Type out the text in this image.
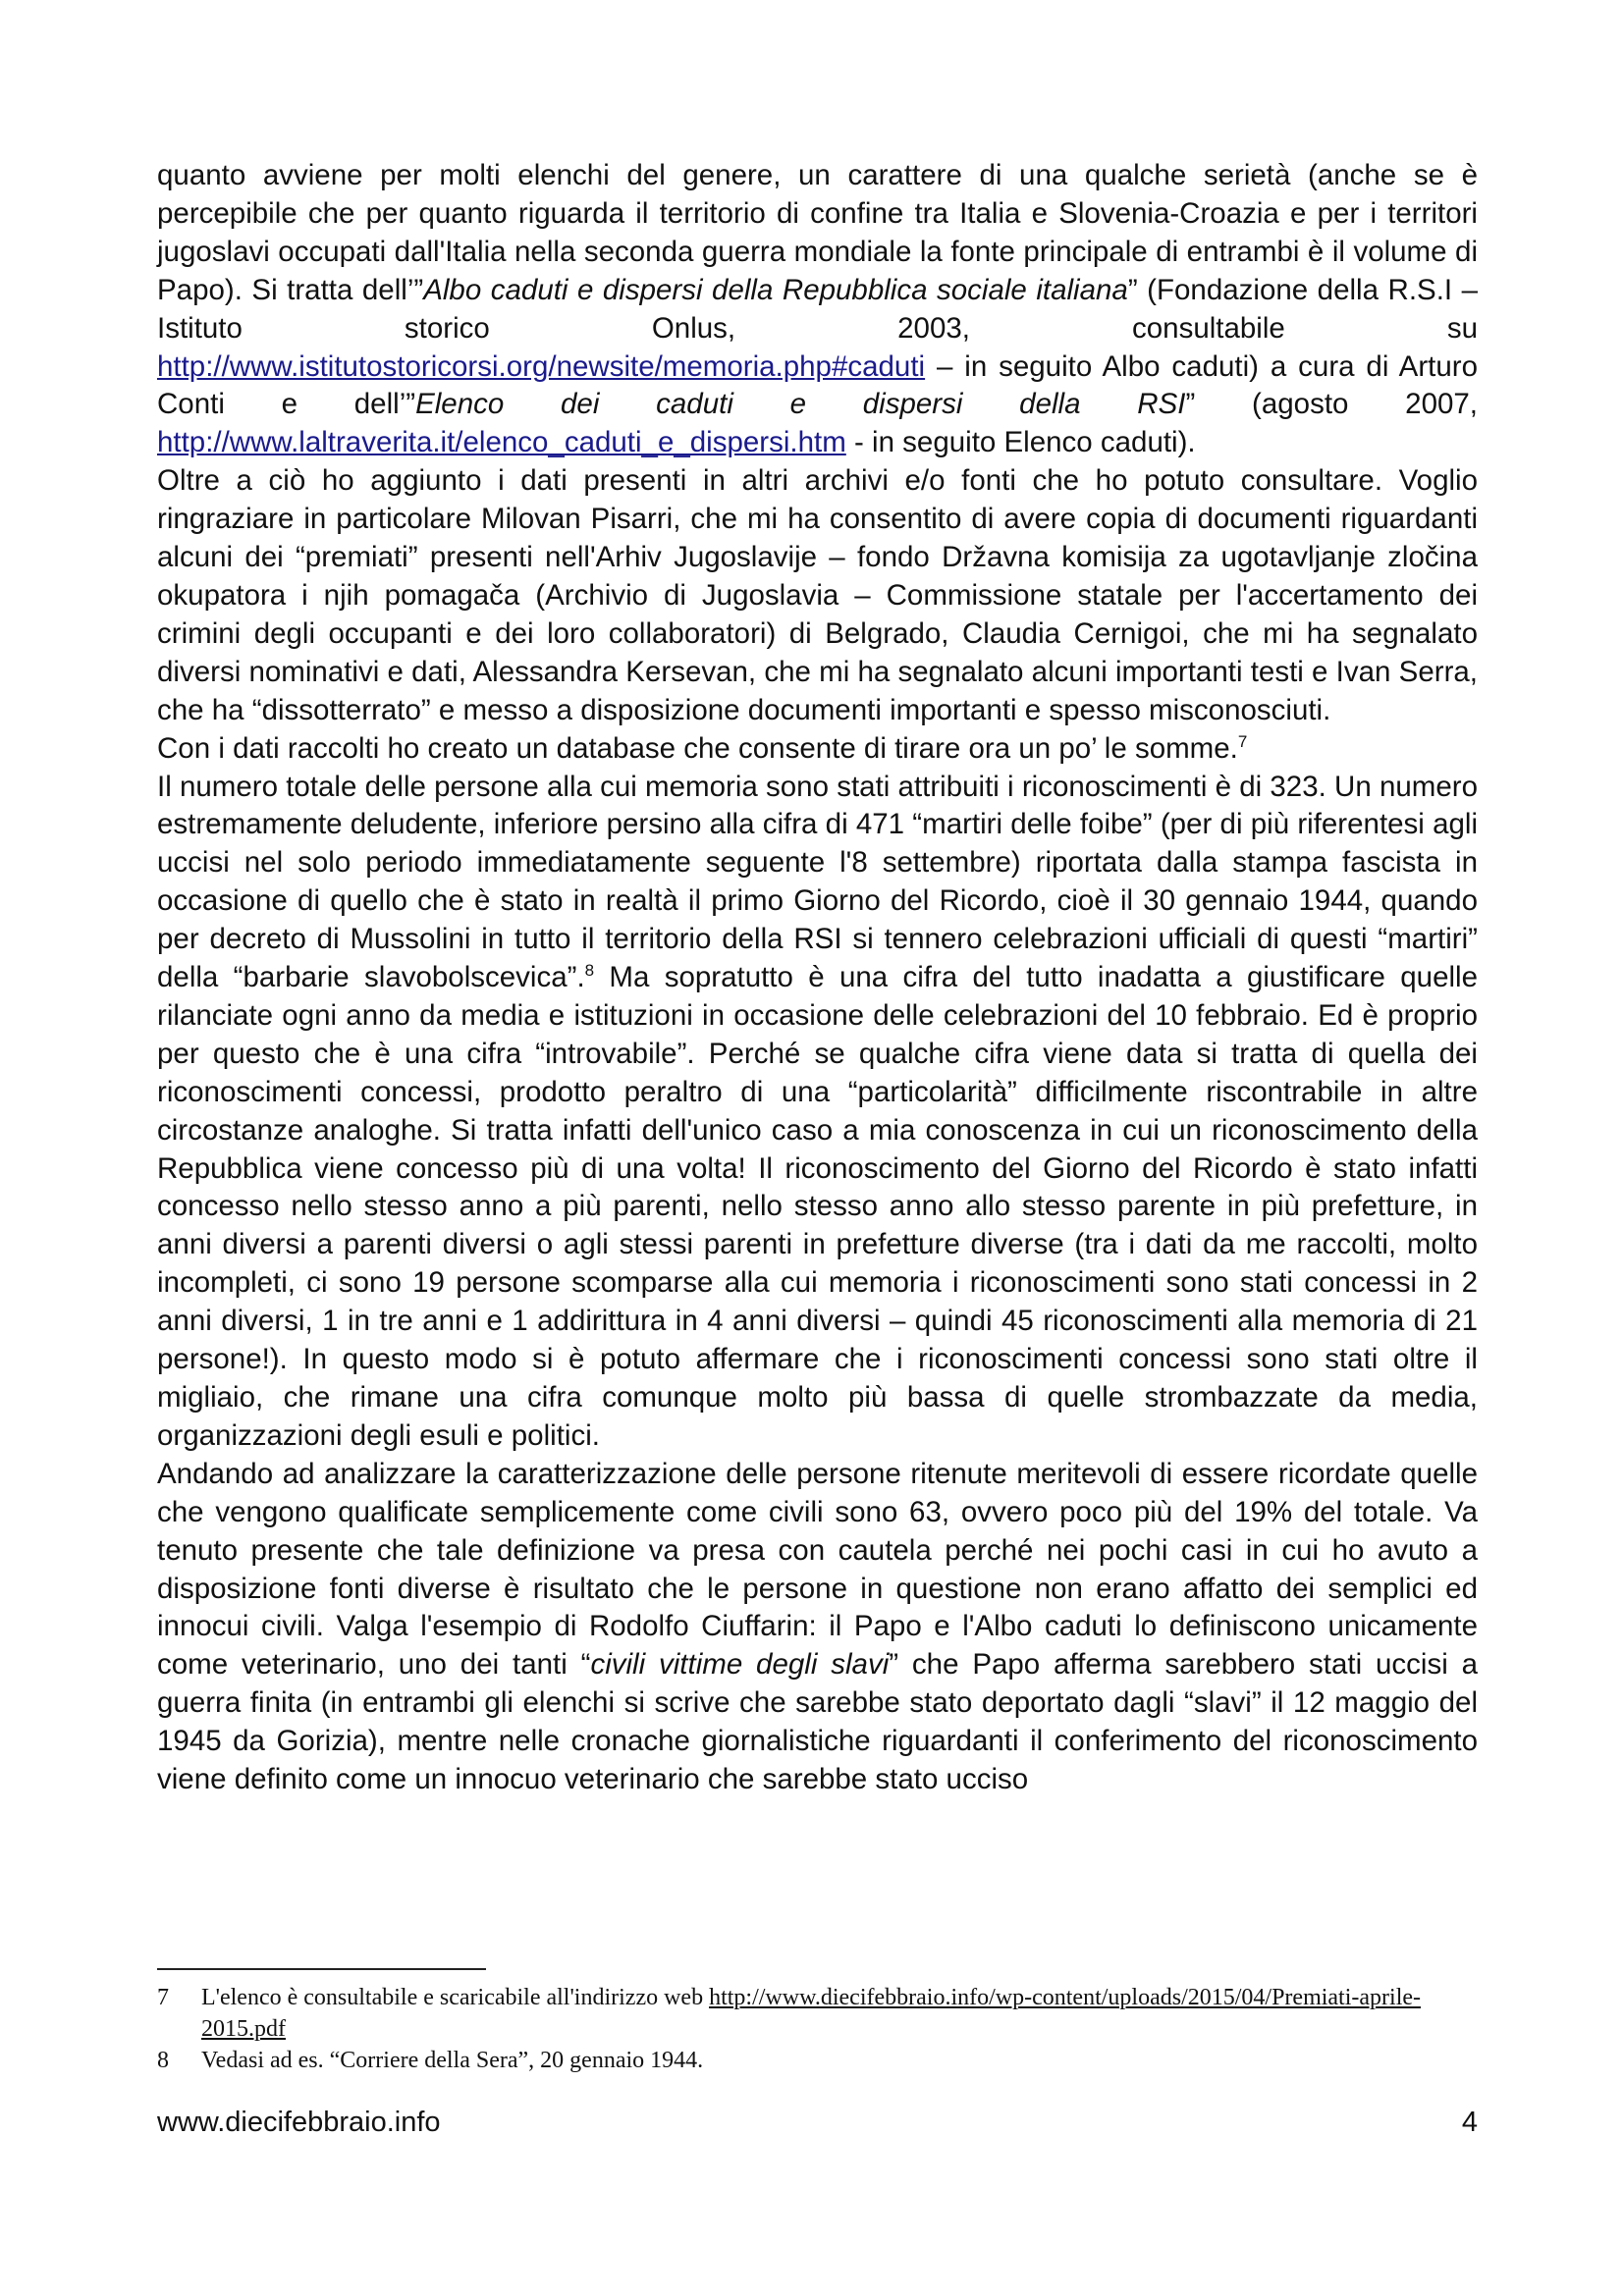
quanto avviene per molti elenchi del genere, un carattere di una qualche serietà (anche se è percepibile che per quanto riguarda il territorio di confine tra Italia e Slovenia-Croazia e per i territori jugoslavi occupati dall'Italia nella seconda guerra mondiale la fonte principale di entrambi è il volume di Papo). Si tratta dell’”Albo caduti e dispersi della Repubblica sociale italiana” (Fondazione della R.S.I – Istituto storico Onlus, 2003, consultabile su http://www.istitutostoricorsi.org/newsite/memoria.php#caduti – in seguito Albo caduti) a cura di Arturo Conti e dell’”Elenco dei caduti e dispersi della RSI” (agosto 2007, http://www.laltraverita.it/elenco_caduti_e_dispersi.htm - in seguito Elenco caduti).

Oltre a ciò ho aggiunto i dati presenti in altri archivi e/o fonti che ho potuto consultare. Voglio ringraziare in particolare Milovan Pisarri, che mi ha consentito di avere copia di documenti riguardanti alcuni dei “premiati” presenti nell'Arhiv Jugoslavije – fondo Državna komisija za ugotavljanje zločina okupatora i njih pomagača (Archivio di Jugoslavia – Commissione statale per l'accertamento dei crimini degli occupanti e dei loro collaboratori) di Belgrado, Claudia Cernigoi, che mi ha segnalato diversi nominativi e dati, Alessandra Kersevan, che mi ha segnalato alcuni importanti testi e Ivan Serra, che ha “dissotterrato” e messo a disposizione documenti importanti e spesso misconosciuti.

Con i dati raccolti ho creato un database che consente di tirare ora un po’ le somme.$^7$

Il numero totale delle persone alla cui memoria sono stati attribuiti i riconoscimenti è di 323. Un numero estremamente deludente, inferiore persino alla cifra di 471 “martiri delle foibe” (per di più riferentesi agli uccisi nel solo periodo immediatamente seguente l'8 settembre) riportata dalla stampa fascista in occasione di quello che è stato in realtà il primo Giorno del Ricordo, cioè il 30 gennaio 1944, quando per decreto di Mussolini in tutto il territorio della RSI si tennero celebrazioni ufficiali di questi “martiri” della “barbarie slavobolscevica”.$^8$ Ma sopratutto è una cifra del tutto inadatta a giustificare quelle rilanciate ogni anno da media e istituzioni in occasione delle celebrazioni del 10 febbraio. Ed è proprio per questo che è una cifra “introvabile”. Perché se qualche cifra viene data si tratta di quella dei riconoscimenti concessi, prodotto peraltro di una “particolarità” difficilmente riscontrabile in altre circostanze analoghe. Si tratta infatti dell'unico caso a mia conoscenza in cui un riconoscimento della Repubblica viene concesso più di una volta! Il riconoscimento del Giorno del Ricordo è stato infatti concesso nello stesso anno a più parenti, nello stesso anno allo stesso parente in più prefetture, in anni diversi a parenti diversi o agli stessi parenti in prefetture diverse (tra i dati da me raccolti, molto incompleti, ci sono 19 persone scomparse alla cui memoria i riconoscimenti sono stati concessi in 2 anni diversi, 1 in tre anni e 1 addirittura in 4 anni diversi – quindi 45 riconoscimenti alla memoria di 21 persone!). In questo modo si è potuto affermare che i riconoscimenti concessi sono stati oltre il migliaio, che rimane una cifra comunque molto più bassa di quelle strombazzate da media, organizzazioni degli esuli e politici.

Andando ad analizzare la caratterizzazione delle persone ritenute meritevoli di essere ricordate quelle che vengono qualificate semplicemente come civili sono 63, ovvero poco più del 19% del totale. Va tenuto presente che tale definizione va presa con cautela perché nei pochi casi in cui ho avuto a disposizione fonti diverse è risultato che le persone in questione non erano affatto dei semplici ed innocui civili. Valga l'esempio di Rodolfo Ciuffarin: il Papo e l'Albo caduti lo definiscono unicamente come veterinario, uno dei tanti “civili vittime degli slavi” che Papo afferma sarebbero stati uccisi a guerra finita (in entrambi gli elenchi si scrive che sarebbe stato deportato dagli “slavi” il 12 maggio del 1945 da Gorizia), mentre nelle cronache giornalistiche riguardanti il conferimento del riconoscimento viene definito come un innocuo veterinario che sarebbe stato ucciso

7	L'elenco è consultabile e scaricabile all'indirizzo web http://www.diecifebbraio.info/wp-content/uploads/2015/04/Premiati-aprile-2015.pdf
8	Vedasi ad es. “Corriere della Sera”, 20 gennaio 1944.
www.diecifebbraio.info	4
